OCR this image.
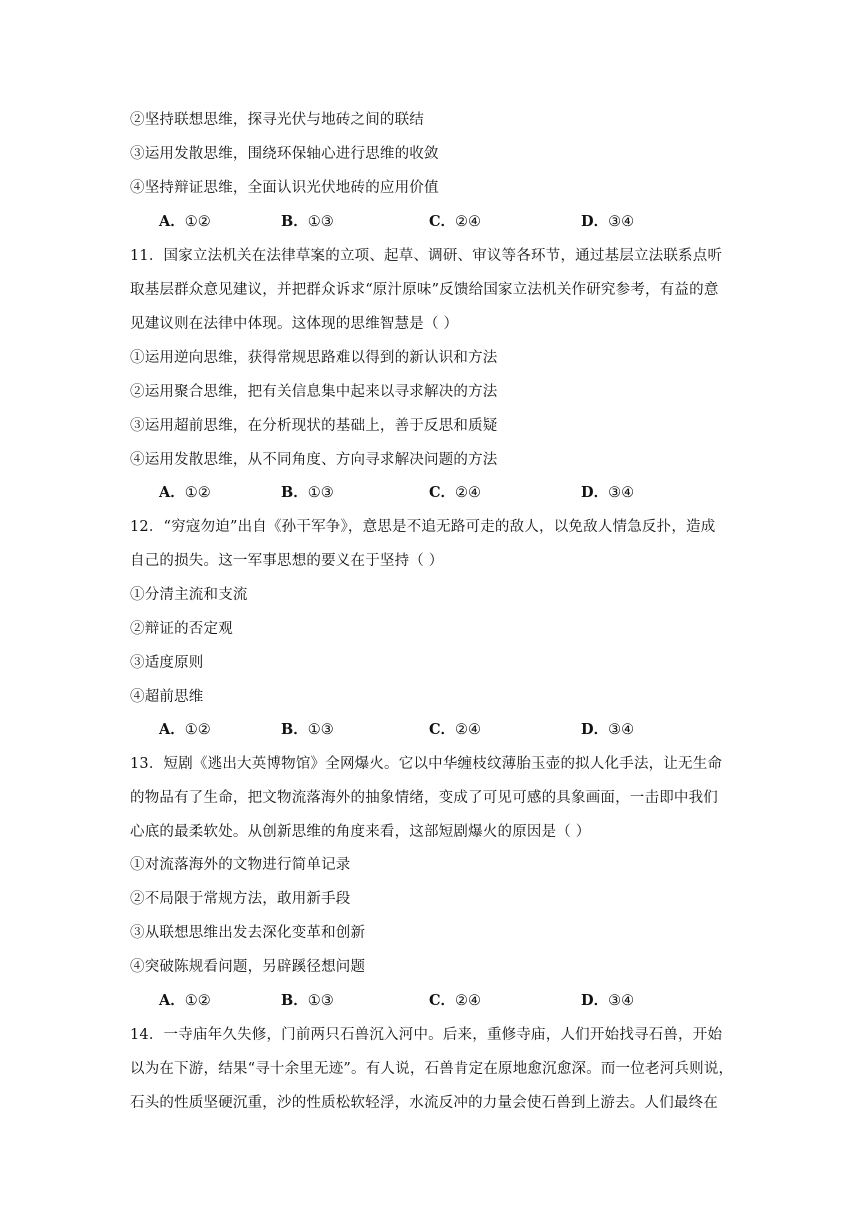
②坚持联想思维，探寻光伏与地砖之间的联结
③运用发散思维，围绕环保轴心进行思维的收敛
④坚持辩证思维，全面认识光伏地砖的应用价值
A．①②	B．①③	C．②④	D．③④
11．国家立法机关在法律草案的立项、起草、调研、审议等各环节，通过基层立法联系点听
取基层群众意见建议，并把群众诉求“原汁原味”反馈给国家立法机关作研究参考，有益的意
见建议则在法律中体现。这体现的思维智慧是（ ）
①运用逆向思维，获得常规思路难以得到的新认识和方法
②运用聚合思维，把有关信息集中起来以寻求解决的方法
③运用超前思维，在分析现状的基础上，善于反思和质疑
④运用发散思维，从不同角度、方向寻求解决问题的方法
A．①②	B．①③	C．②④	D．③④
12．“穷寇勿迫”出自《孙干军争》，意思是不追无路可走的敌人，以免敌人情急反扑，造成
自己的损失。这一军事思想的要义在于坚持（ ）
①分清主流和支流
②辩证的否定观
③适度原则
④超前思维
A．①②	B．①③	C．②④	D．③④
13．短剧《逃出大英博物馆》全网爆火。它以中华缠枝纹薄胎玉壶的拟人化手法，让无生命
的物品有了生命，把文物流落海外的抽象情绪，变成了可见可感的具象画面，一击即中我们
心底的最柔软处。从创新思维的角度来看，这部短剧爆火的原因是（ ）
①对流落海外的文物进行简单记录
②不局限于常规方法，敢用新手段
③从联想思维出发去深化变革和创新
④突破陈规看问题，另辟蹊径想问题
A．①②	B．①③	C．②④	D．③④
14．一寺庙年久失修，门前两只石兽沉入河中。后来，重修寺庙，人们开始找寻石兽，开始
以为在下游，结果“寻十余里无迹”。有人说，石兽肯定在原地愈沉愈深。而一位老河兵则说，
石头的性质坚硬沉重，沙的性质松软轻浮，水流反冲的力量会使石兽到上游去。人们最终在
